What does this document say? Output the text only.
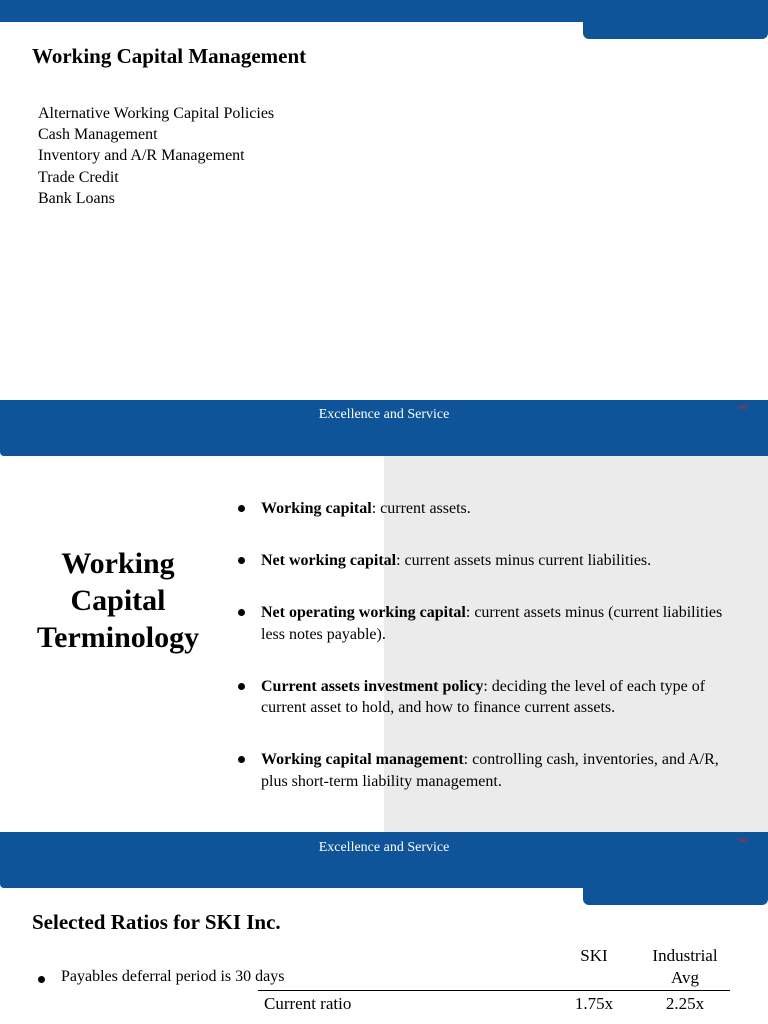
Working Capital Management
Alternative Working Capital Policies
Cash Management
Inventory and A/R Management
Trade Credit
Bank Loans
Excellence and Service	SKI
Working
Capital
Terminology
Working capital: current assets.
Net working capital: current assets minus current liabilities.
Net operating working capital: current assets minus (current liabilities less notes payable).
Current assets investment policy: deciding the level of each type of current asset to hold, and how to finance current assets.
Working capital management: controlling cash, inventories, and A/R, plus short-term liability management.
Excellence and Service	SKI
Selected Ratios for SKI Inc.
SKI	Industrial
Avg
Payables deferral period is 30 days
Current ratio	1.75x	2.25x
